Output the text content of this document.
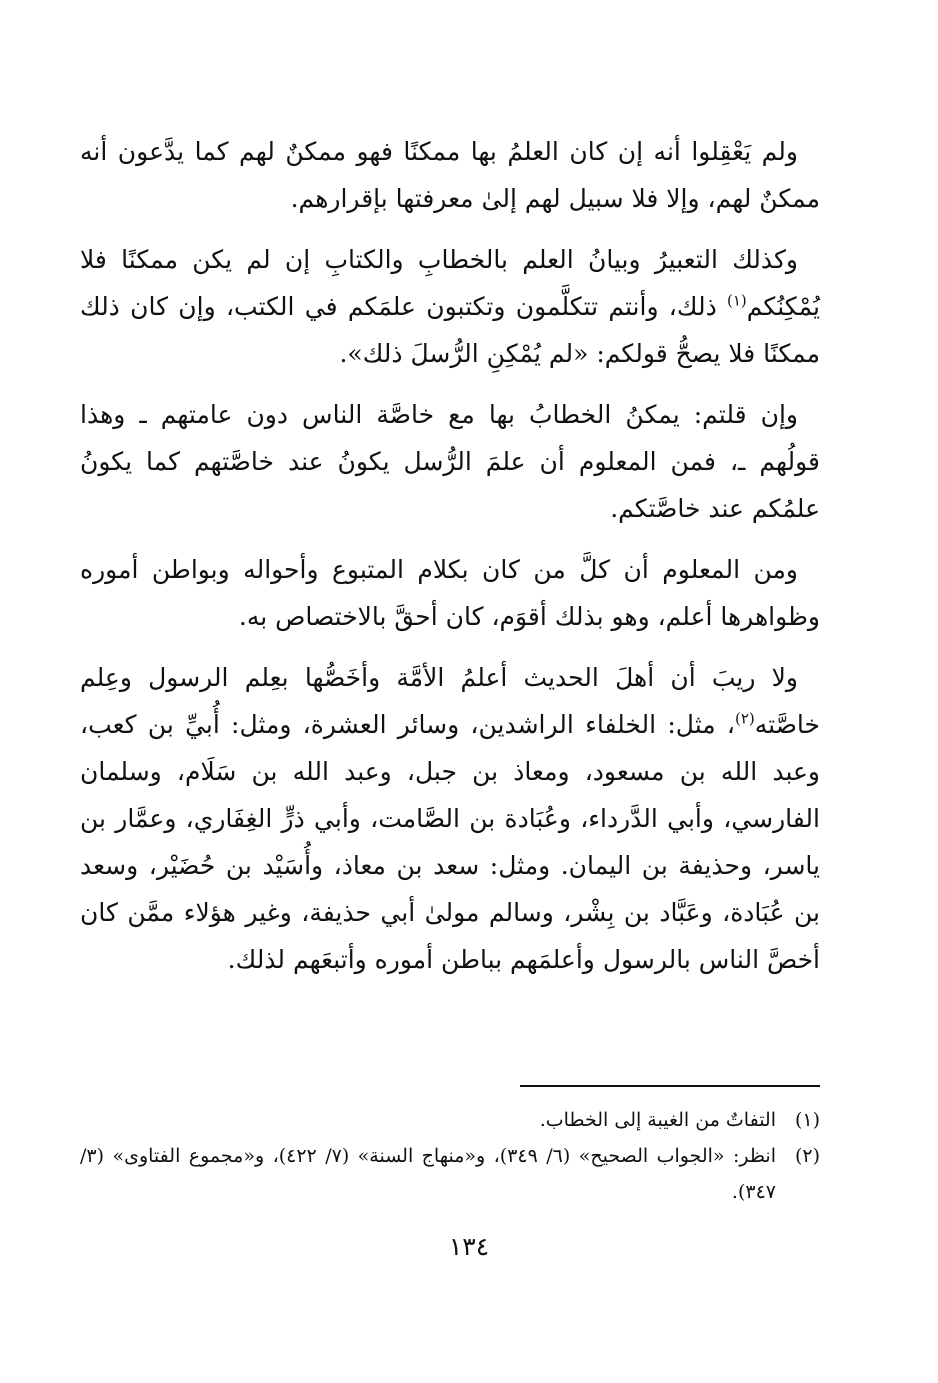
ولم يَعْقِلوا أنه إن كان العلمُ بها ممكنًا فهو ممكنٌ لهم كما يدَّعون أنه ممكنٌ لهم، وإلا فلا سبيل لهم إلىٰ معرفتها بإقرارهم.

وكذلك التعبيرُ وبيانُ العلم بالخطابِ والكتابِ إن لم يكن ممكنًا فلا يُمْكِنُكم$^{(١)}$ ذلك، وأنتم تتكلَّمون وتكتبون علمَكم في الكتب، وإن كان ذلك ممكنًا فلا يصحُّ قولكم: «لم يُمْكِنِ الرُّسلَ ذلك».

وإن قلتم: يمكنُ الخطابُ بها مع خاصَّة الناس دون عامتهم ـ وهذا قولُهم ـ، فمن المعلوم أن علمَ الرُّسل يكونُ عند خاصَّتهم كما يكونُ علمُكم عند خاصَّتكم.

ومن المعلوم أن كلَّ من كان بكلام المتبوع وأحواله وبواطن أموره وظواهرها أعلم، وهو بذلك أقوَم، كان أحقَّ بالاختصاص به.

ولا ريبَ أن أهلَ الحديث أعلمُ الأمَّة وأخَصُّها بعِلم الرسول وعِلم خاصَّته$^{(٢)}$، مثل: الخلفاء الراشدين، وسائر العشرة، ومثل: أُبيِّ بن كعب، وعبد الله بن مسعود، ومعاذ بن جبل، وعبد الله بن سَلَام، وسلمان الفارسي، وأبي الدَّرداء، وعُبَادة بن الصَّامت، وأبي ذرٍّ الغِفَاري، وعمَّار بن ياسر، وحذيفة بن اليمان. ومثل: سعد بن معاذ، وأُسَيْد بن حُضَيْر، وسعد بن عُبَادة، وعَبَّاد بن بِشْر، وسالم مولىٰ أبي حذيفة، وغير هؤلاء ممَّن كان أخصَّ الناس بالرسول وأعلمَهم بباطن أموره وأتبعَهم لذلك.

(١)
التفاتٌ من الغيبة إلى الخطاب.
(٢)
انظر: «الجواب الصحيح» (٦/ ٣٤٩)، و«منهاج السنة» (٧/ ٤٢٢)، و«مجموع الفتاوى» (٣/ ٣٤٧).
١٣٤
